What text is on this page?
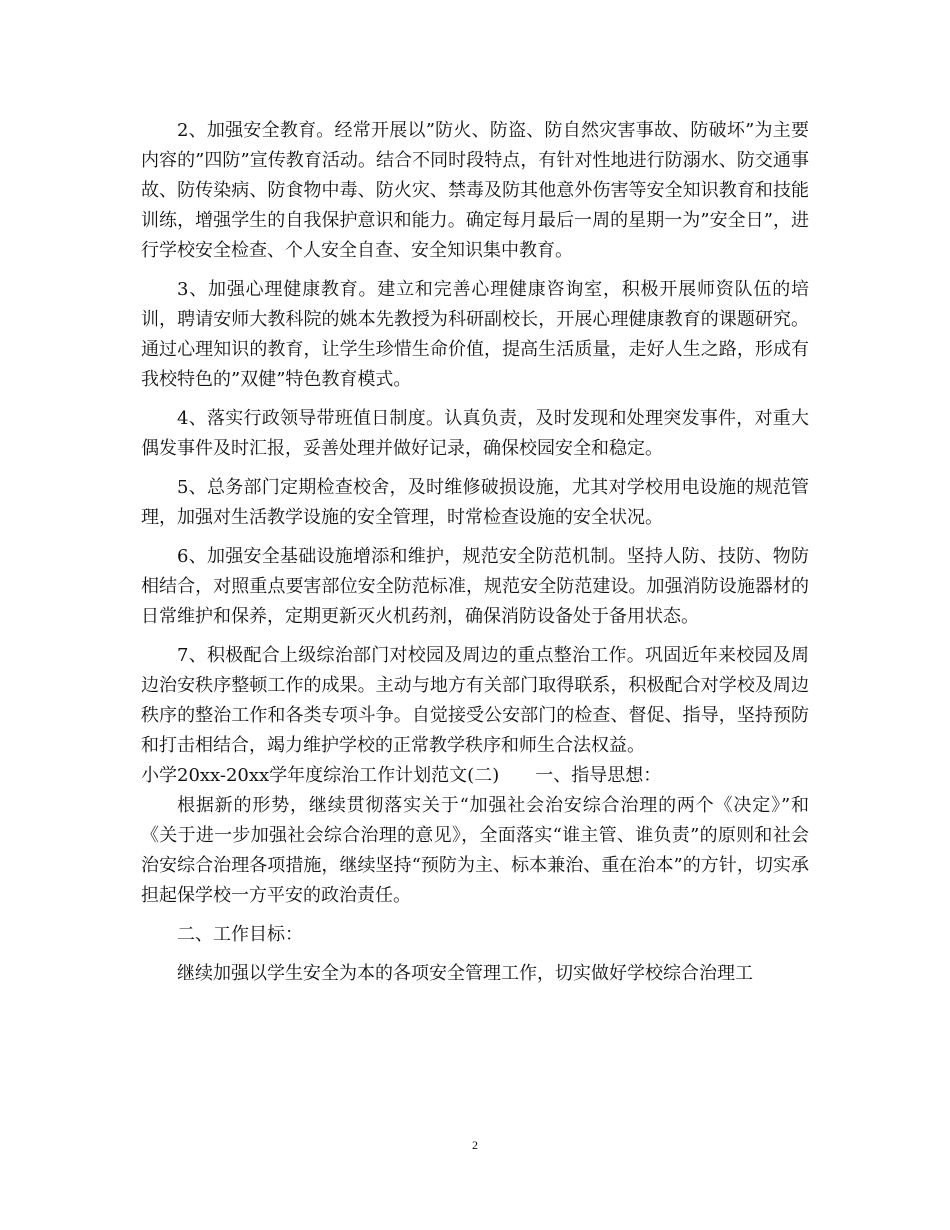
2、加强安全教育。经常开展以”防火、防盗、防自然灾害事故、防破坏”为主要内容的”四防”宣传教育活动。结合不同时段特点，有针对性地进行防溺水、防交通事故、防传染病、防食物中毒、防火灾、禁毒及防其他意外伤害等安全知识教育和技能训练，增强学生的自我保护意识和能力。确定每月最后一周的星期一为”安全日”，进行学校安全检查、个人安全自查、安全知识集中教育。

3、加强心理健康教育。建立和完善心理健康咨询室，积极开展师资队伍的培训，聘请安师大教科院的姚本先教授为科研副校长，开展心理健康教育的课题研究。通过心理知识的教育，让学生珍惜生命价值，提高生活质量，走好人生之路，形成有我校特色的”双健”特色教育模式。

4、落实行政领导带班值日制度。认真负责，及时发现和处理突发事件，对重大偶发事件及时汇报，妥善处理并做好记录，确保校园安全和稳定。

5、总务部门定期检查校舍，及时维修破损设施，尤其对学校用电设施的规范管理，加强对生活教学设施的安全管理，时常检查设施的安全状况。

6、加强安全基础设施增添和维护，规范安全防范机制。坚持人防、技防、物防相结合，对照重点要害部位安全防范标准，规范安全防范建设。加强消防设施器材的日常维护和保养，定期更新灭火机药剂，确保消防设备处于备用状态。

7、积极配合上级综治部门对校园及周边的重点整治工作。巩固近年来校园及周边治安秩序整顿工作的成果。主动与地方有关部门取得联系，积极配合对学校及周边秩序的整治工作和各类专项斗争。自觉接受公安部门的检查、督促、指导，坚持预防和打击相结合，竭力维护学校的正常教学秩序和师生合法权益。

小学20xx-20xx学年度综治工作计划范文(二)　　一、指导思想：

根据新的形势，继续贯彻落实关于“加强社会治安综合治理的两个《决定》”和《关于进一步加强社会综合治理的意见》，全面落实“谁主管、谁负责”的原则和社会治安综合治理各项措施，继续坚持“预防为主、标本兼治、重在治本”的方针，切实承担起保学校一方平安的政治责任。

二、工作目标：

继续加强以学生安全为本的各项安全管理工作，切实做好学校综合治理工

2
